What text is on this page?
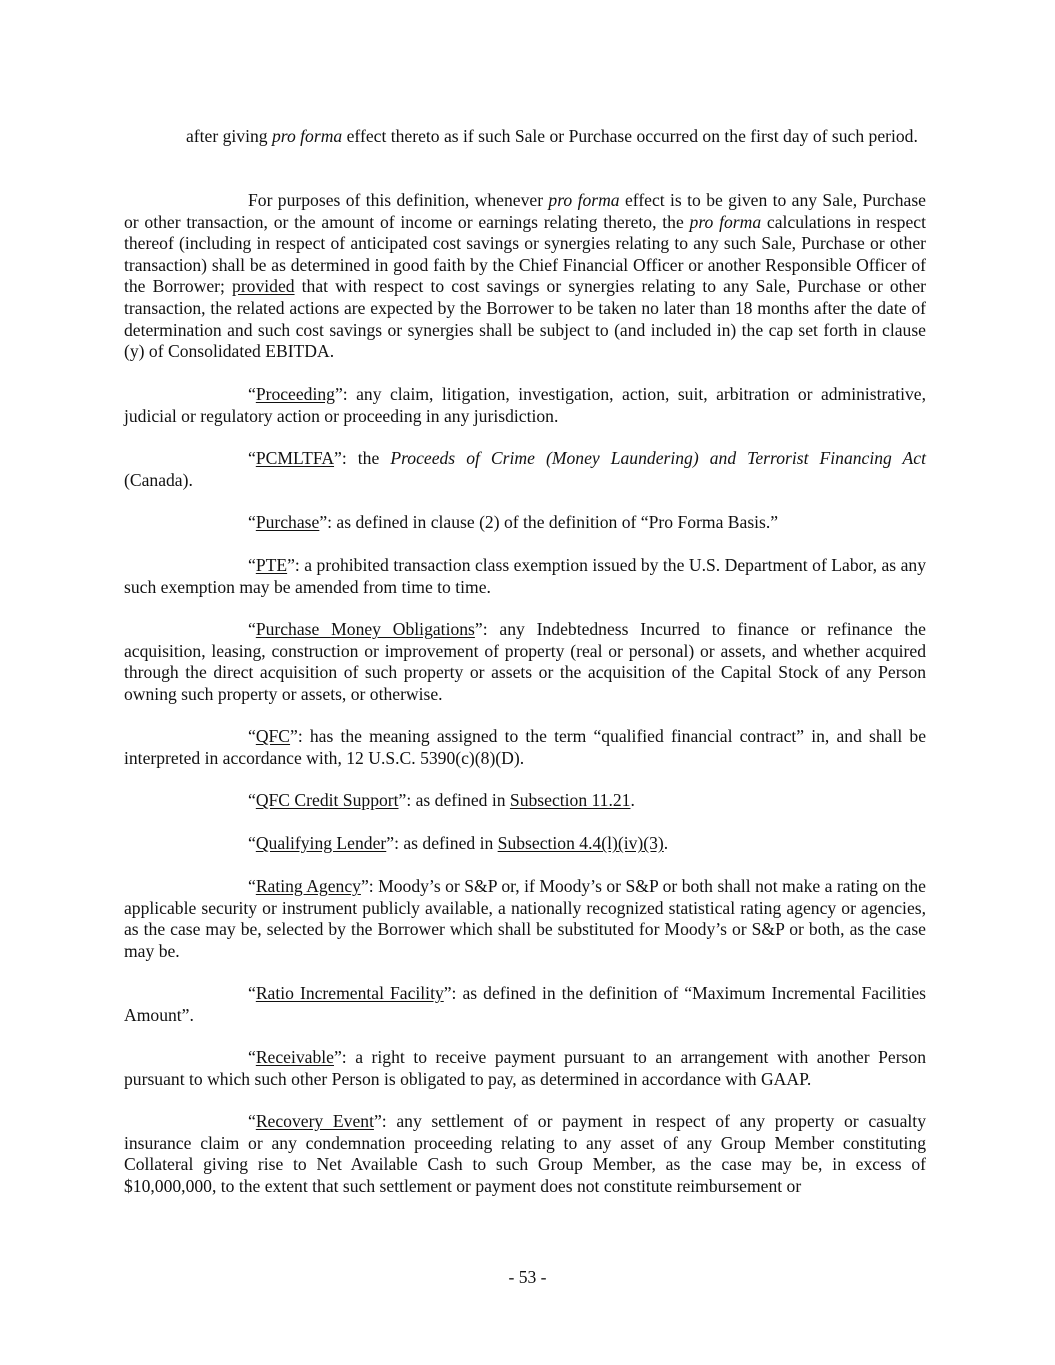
after giving pro forma effect thereto as if such Sale or Purchase occurred on the first day of such period.

For purposes of this definition, whenever pro forma effect is to be given to any Sale, Purchase or other transaction, or the amount of income or earnings relating thereto, the pro forma calculations in respect thereof (including in respect of anticipated cost savings or synergies relating to any such Sale, Purchase or other transaction) shall be as determined in good faith by the Chief Financial Officer or another Responsible Officer of the Borrower; provided that with respect to cost savings or synergies relating to any Sale, Purchase or other transaction, the related actions are expected by the Borrower to be taken no later than 18 months after the date of determination and such cost savings or synergies shall be subject to (and included in) the cap set forth in clause (y) of Consolidated EBITDA.

“Proceeding”: any claim, litigation, investigation, action, suit, arbitration or administrative, judicial or regulatory action or proceeding in any jurisdiction.

“PCMLTFA”: the Proceeds of Crime (Money Laundering) and Terrorist Financing Act (Canada).

“Purchase”: as defined in clause (2) of the definition of “Pro Forma Basis.”

“PTE”: a prohibited transaction class exemption issued by the U.S. Department of Labor, as any such exemption may be amended from time to time.

“Purchase Money Obligations”: any Indebtedness Incurred to finance or refinance the acquisition, leasing, construction or improvement of property (real or personal) or assets, and whether acquired through the direct acquisition of such property or assets or the acquisition of the Capital Stock of any Person owning such property or assets, or otherwise.

“QFC”: has the meaning assigned to the term “qualified financial contract” in, and shall be interpreted in accordance with, 12 U.S.C. 5390(c)(8)(D).

“QFC Credit Support”: as defined in Subsection 11.21.

“Qualifying Lender”: as defined in Subsection 4.4(l)(iv)(3).

“Rating Agency”: Moody’s or S&P or, if Moody’s or S&P or both shall not make a rating on the applicable security or instrument publicly available, a nationally recognized statistical rating agency or agencies, as the case may be, selected by the Borrower which shall be substituted for Moody’s or S&P or both, as the case may be.

“Ratio Incremental Facility”: as defined in the definition of “Maximum Incremental Facilities Amount”.

“Receivable”: a right to receive payment pursuant to an arrangement with another Person pursuant to which such other Person is obligated to pay, as determined in accordance with GAAP.

“Recovery Event”: any settlement of or payment in respect of any property or casualty insurance claim or any condemnation proceeding relating to any asset of any Group Member constituting Collateral giving rise to Net Available Cash to such Group Member, as the case may be, in excess of $10,000,000, to the extent that such settlement or payment does not constitute reimbursement or

- 53 -
